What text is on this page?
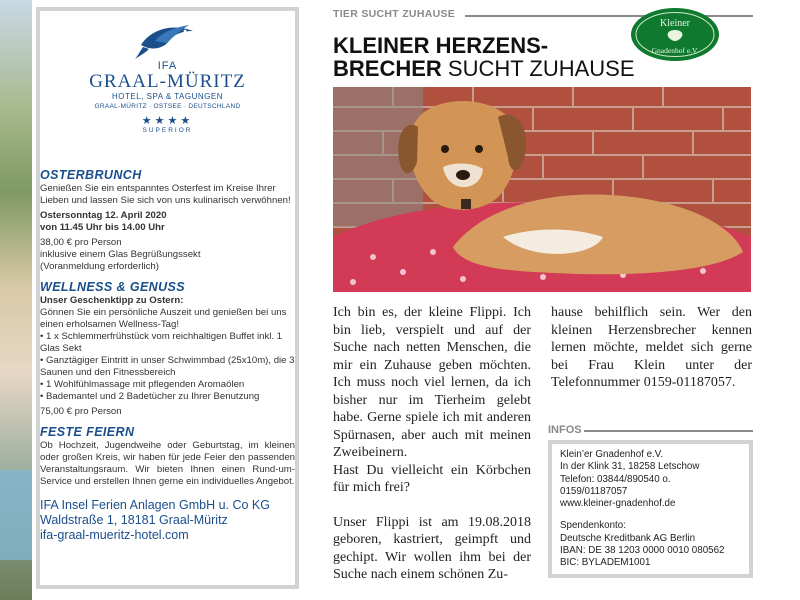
IFA
GRAAL-MÜRITZ
HOTEL, SPA & TAGUNGEN
GRAAL-MÜRITZ · OSTSEE · DEUTSCHLAND
★★★★
SUPERIOR
OSTERBRUNCH

Genießen Sie ein entspanntes Osterfest im Kreise Ihrer Lieben und lassen Sie sich von uns kulinarisch verwöhnen!

Ostersonntag 12. April 2020

von 11.45 Uhr bis 14.00 Uhr

38,00 € pro Person

inklusive einem Glas Begrüßungssekt

(Voranmeldung erforderlich)

WELLNESS & GENUSS

Unser Geschenktipp zu Ostern:

Gönnen Sie ein persönliche Auszeit und genießen bei uns einen erholsamen Wellness-Tag!

• 1 x Schlemmerfrühstück vom reichhaltigen Buffet inkl. 1 Glas Sekt
• Ganztägiger Eintritt in unser Schwimmbad (25x10m), die 3 Saunen und den Fitnessbereich
• 1 Wohlfühlmassage mit pflegenden Aromaölen
• Bademantel und 2 Badetücher zu Ihrer Benutzung

75,00 € pro Person

FESTE FEIERN

Ob Hochzeit, Jugendweihe oder Geburtstag, im kleinen oder großen Kreis, wir haben für jede Feier den passenden Veranstaltungsraum. Wir bieten Ihnen einen Rund-um-Service und erstellen Ihnen gerne ein individuelles Angebot.

IFA Insel Ferien Anlagen GmbH u. Co KG

Waldstraße 1, 18181 Graal-Müritz

ifa-graal-mueritz-hotel.com

TIER SUCHT ZUHAUSE
Kleiner
Gnadenhof e.V.
KLEINER HERZENS-
BRECHER SUCHT ZUHAUSE

Ich bin es, der kleine Flippi. Ich bin lieb, verspielt und auf der Suche nach netten Menschen, die mir ein Zuhause geben möchten. Ich muss noch viel lernen, da ich bisher nur im Tierheim gelebt habe. Gerne spiele ich mit anderen Spürnasen, aber auch mit meinen Zweibeinern.

Hast Du vielleicht ein Körbchen für mich frei?

Unser Flippi ist am 19.08.2018 geboren, kastriert, geimpft und gechipt. Wir wollen ihm bei der Suche nach einem schönen Zu-

hause behilflich sein. Wer den kleinen Herzensbrecher kennen lernen möchte, meldet sich gerne bei Frau Klein unter der Telefonnummer 0159-01187057.

INFOS
Klein’er Gnadenhof e.V.
In der Klink 31, 18258 Letschow
Telefon: 03844/890540 o.
0159/01187057
www.kleiner-gnadenhof.de
Spendenkonto:
Deutsche Kreditbank AG Berlin
IBAN: DE 38 1203 0000 0010 080562
BIC: BYLADEM1001
